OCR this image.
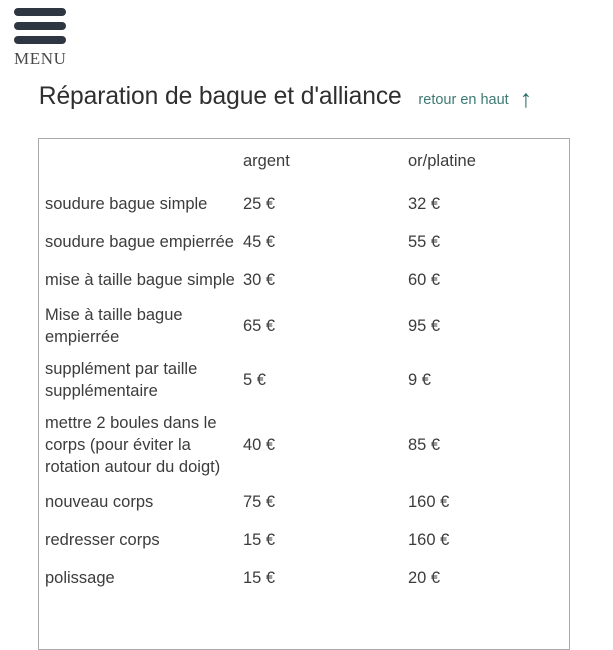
MENU
Réparation de bague et d'alliance retour en haut ↑
	argent	or/platine
soudure bague simple	25 €	32 €
soudure bague empierrée	45 €	55 €
mise à taille bague simple	30 €	60 €
Mise à taille bague empierrée	65 €	95 €
supplément par taille supplémentaire	5 €	9 €
mettre 2 boules dans le corps (pour éviter la rotation autour du doigt)	40 €	85 €
nouveau corps	75 €	160 €
redresser corps	15 €	160 €
polissage	15 €	20 €
